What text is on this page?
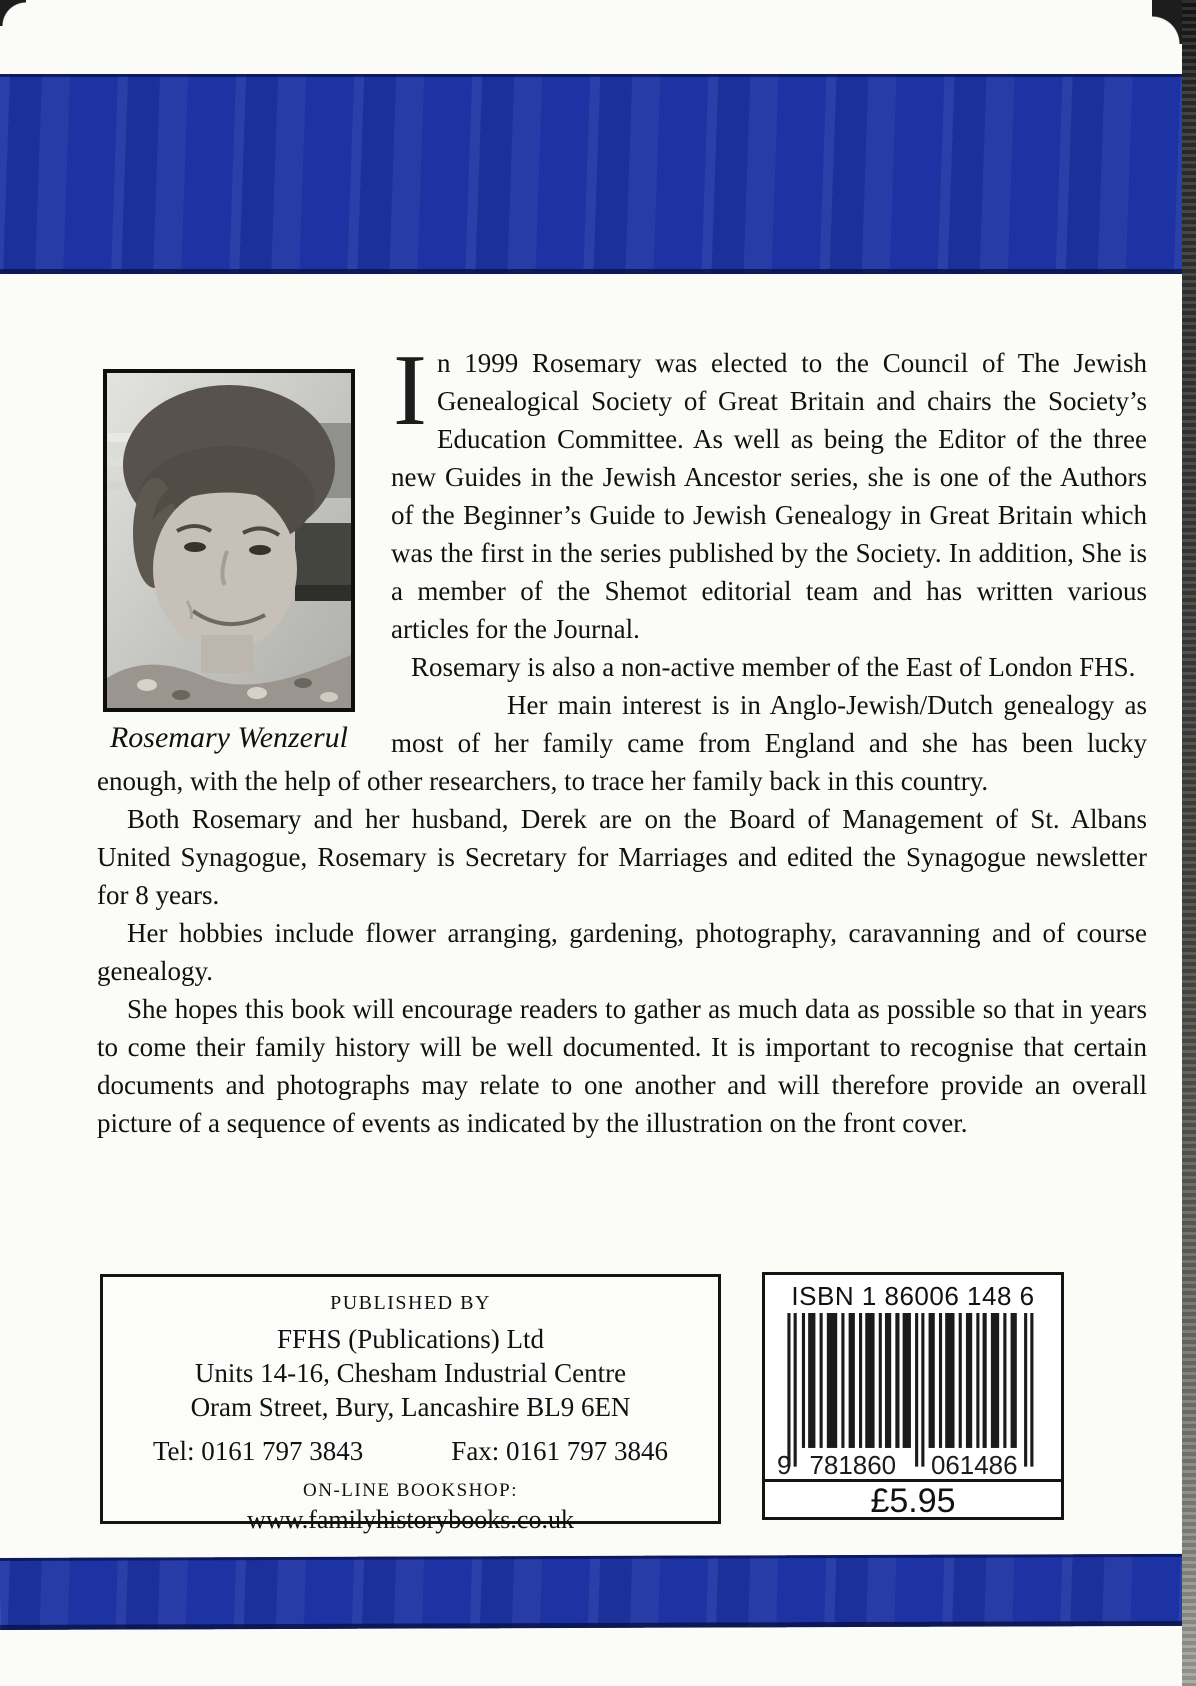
Rosemary Wenzerul

In 1999 Rosemary was elected to the Council of The Jewish Genealogical Society of Great Britain and chairs the Society’s Education Committee. As well as being the Editor of the three new Guides in the Jewish Ancestor series, she is one of the Authors of the Beginner’s Guide to Jewish Genealogy in Great Britain which was the first in the series published by the Society. In addition, She is a member of the Shemot editorial team and has written various articles for the Journal.

Rosemary is also a non-active member of the East of London FHS.

Her main interest is in Anglo-Jewish/Dutch genealogy as most of her family came from England and she has been lucky enough, with the help of other researchers, to trace her family back in this country.

Both Rosemary and her husband, Derek are on the Board of Management of St. Albans United Synagogue, Rosemary is Secretary for Marriages and edited the Synagogue newsletter for 8 years.

Her hobbies include flower arranging, gardening, photography, caravanning and of course genealogy.

She hopes this book will encourage readers to gather as much data as possible so that in years to come their family history will be well documented. It is important to recognise that certain documents and photographs may relate to one another and will therefore provide an overall picture of a sequence of events as indicated by the illustration on the front cover.

PUBLISHED BY
FFHS (Publications) Ltd
Units 14-16, Chesham Industrial Centre
Oram Street, Bury, Lancashire BL9 6EN
Tel: 0161 797 3843	Fax: 0161 797 3846
ON-LINE BOOKSHOP:
www.familyhistorybooks.co.uk
ISBN 1 86006 148 6
9 781860 061486
£5.95
